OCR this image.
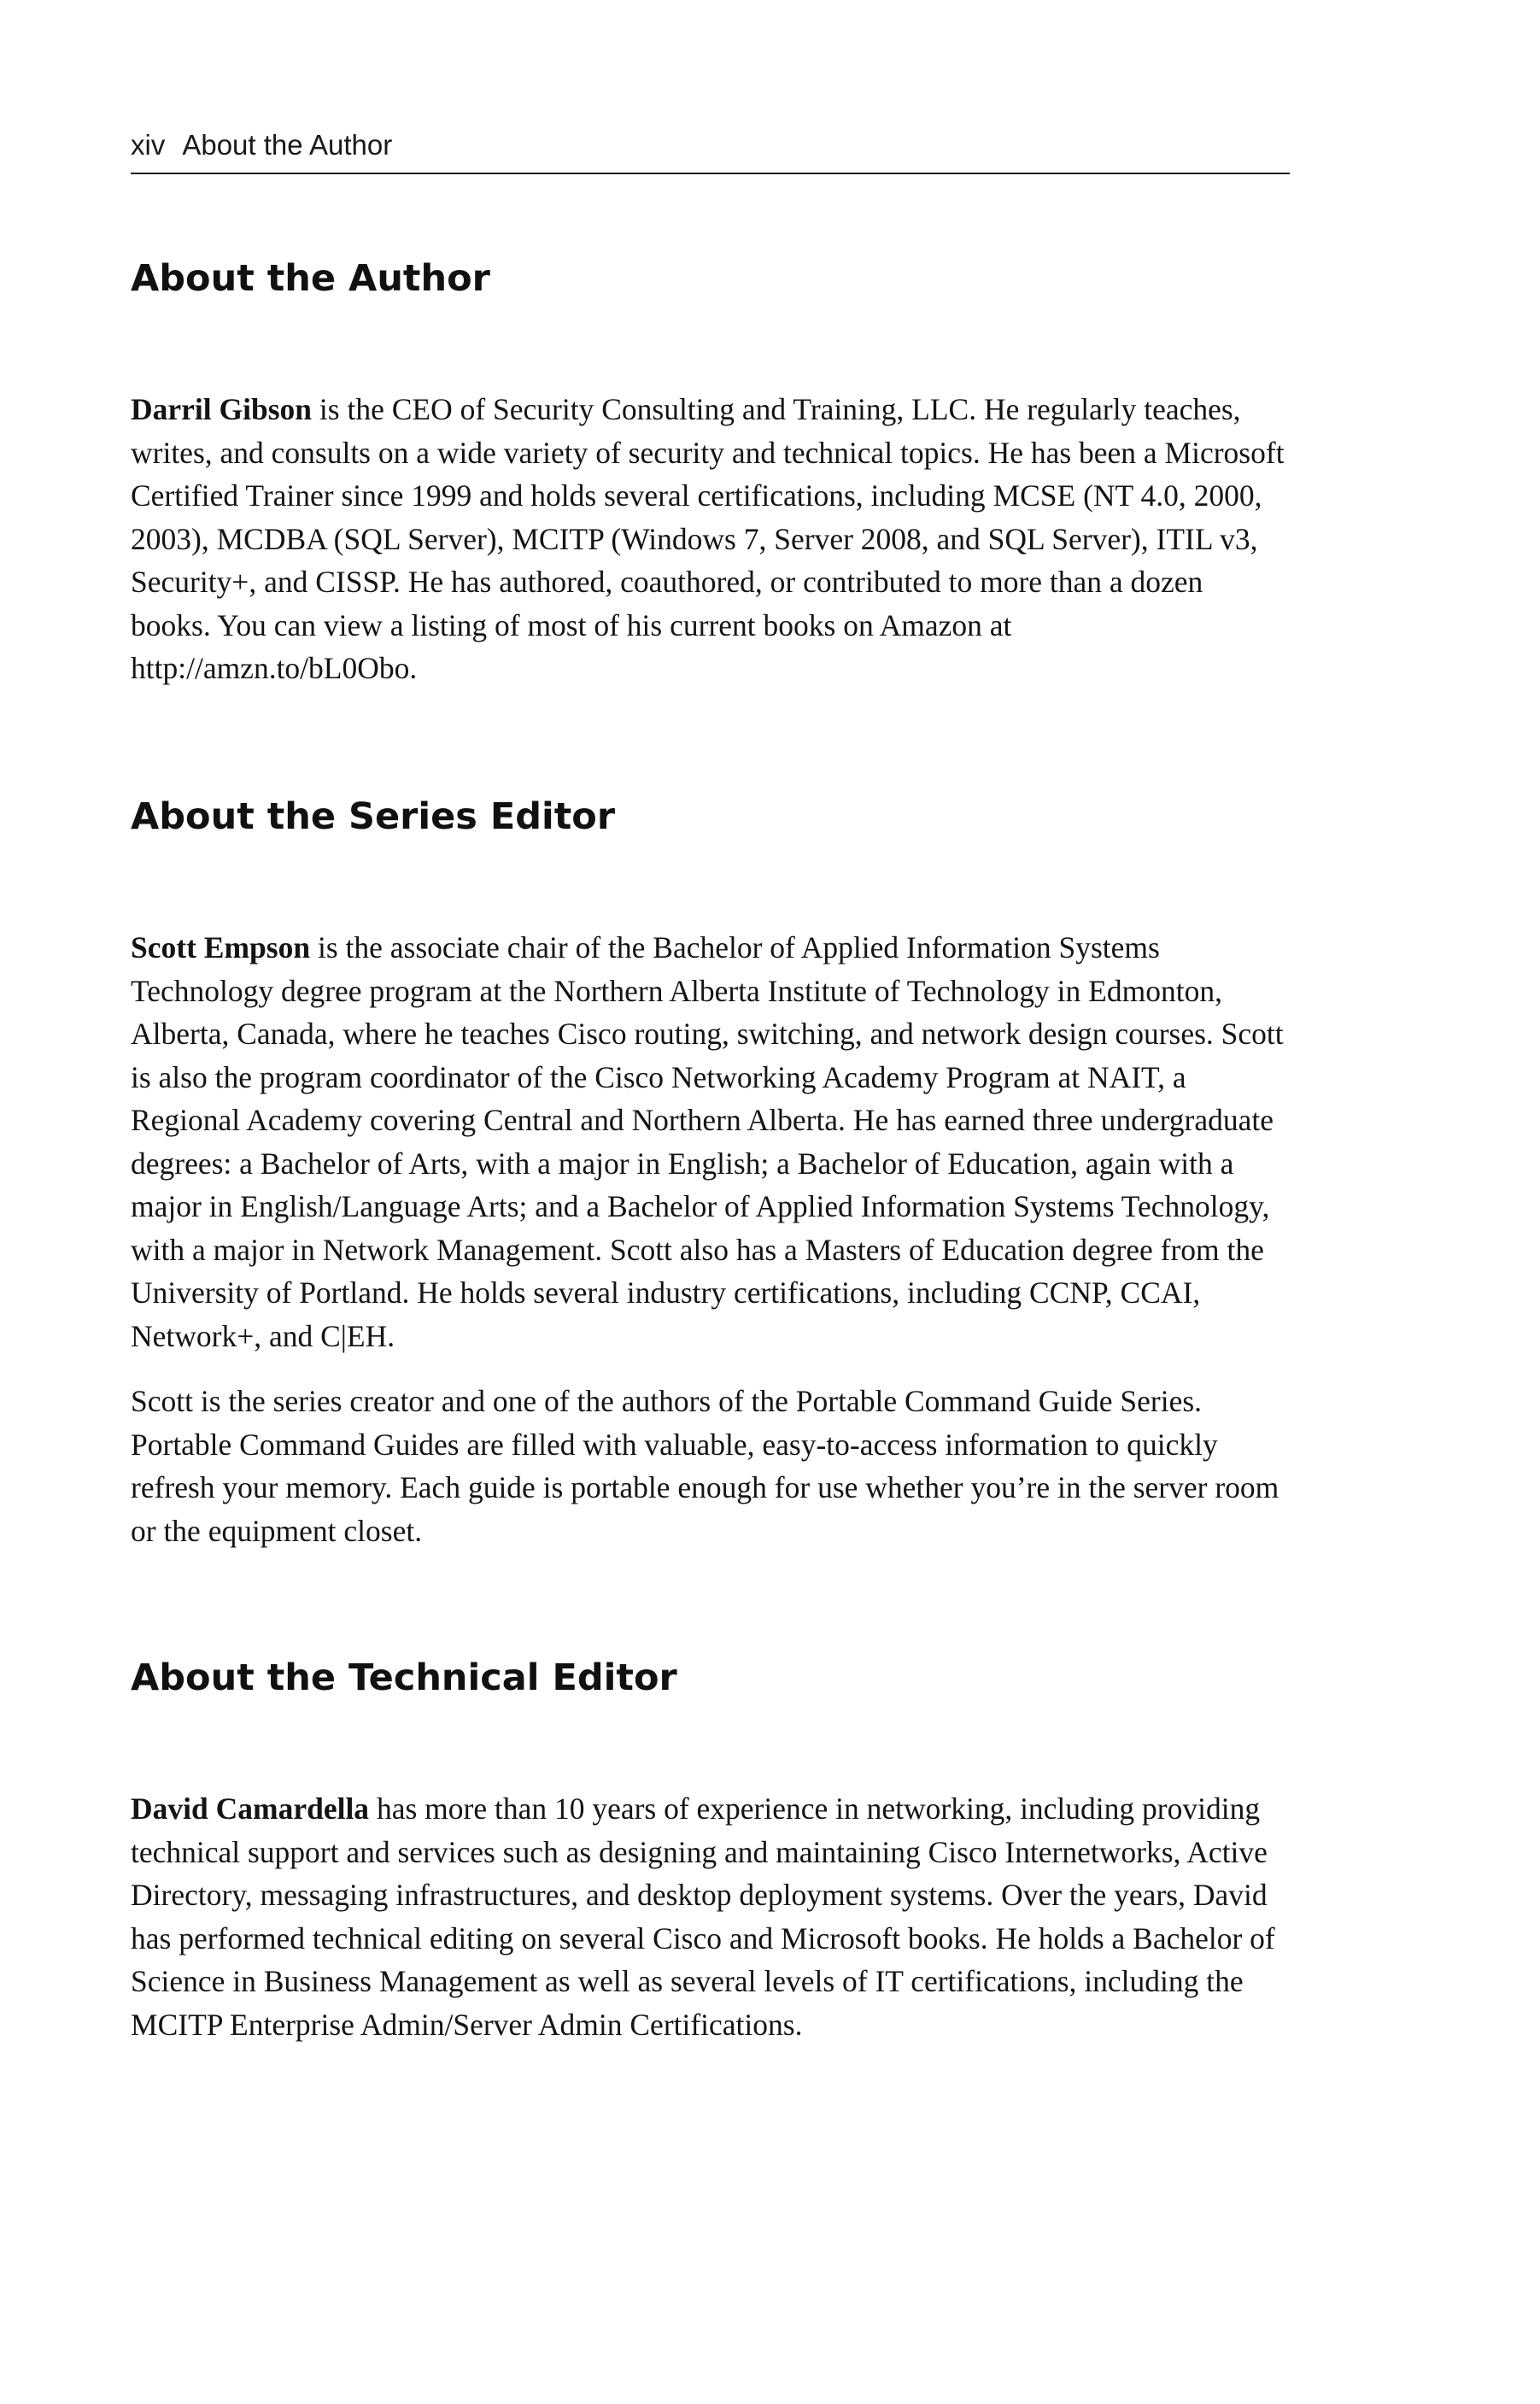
xiv About the Author
About the Author

Darril Gibson is the CEO of Security Consulting and Training, LLC. He regularly teaches, writes, and consults on a wide variety of security and technical topics. He has been a Microsoft Certified Trainer since 1999 and holds several certifications, including MCSE (NT 4.0, 2000, 2003), MCDBA (SQL Server), MCITP (Windows 7, Server 2008, and SQL Server), ITIL v3, Security+, and CISSP. He has authored, coauthored, or contributed to more than a dozen books. You can view a listing of most of his current books on Amazon at http://amzn.to/bL0Obo.

About the Series Editor

Scott Empson is the associate chair of the Bachelor of Applied Information Systems Technology degree program at the Northern Alberta Institute of Technology in Edmonton, Alberta, Canada, where he teaches Cisco routing, switching, and network design courses. Scott is also the program coordinator of the Cisco Networking Academy Program at NAIT, a Regional Academy covering Central and Northern Alberta. He has earned three undergraduate degrees: a Bachelor of Arts, with a major in English; a Bachelor of Education, again with a major in English/Language Arts; and a Bachelor of Applied Information Systems Technology, with a major in Network Management. Scott also has a Masters of Education degree from the University of Portland. He holds several industry certifications, including CCNP, CCAI, Network+, and C|EH.

Scott is the series creator and one of the authors of the Portable Command Guide Series. Portable Command Guides are filled with valuable, easy-to-access information to quickly refresh your memory. Each guide is portable enough for use whether you’re in the server room or the equipment closet.

About the Technical Editor

David Camardella has more than 10 years of experience in networking, including providing technical support and services such as designing and maintaining Cisco Internetworks, Active Directory, messaging infrastructures, and desktop deployment systems. Over the years, David has performed technical editing on several Cisco and Microsoft books. He holds a Bachelor of Science in Business Management as well as several levels of IT certifications, including the MCITP Enterprise Admin/Server Admin Certifications.
